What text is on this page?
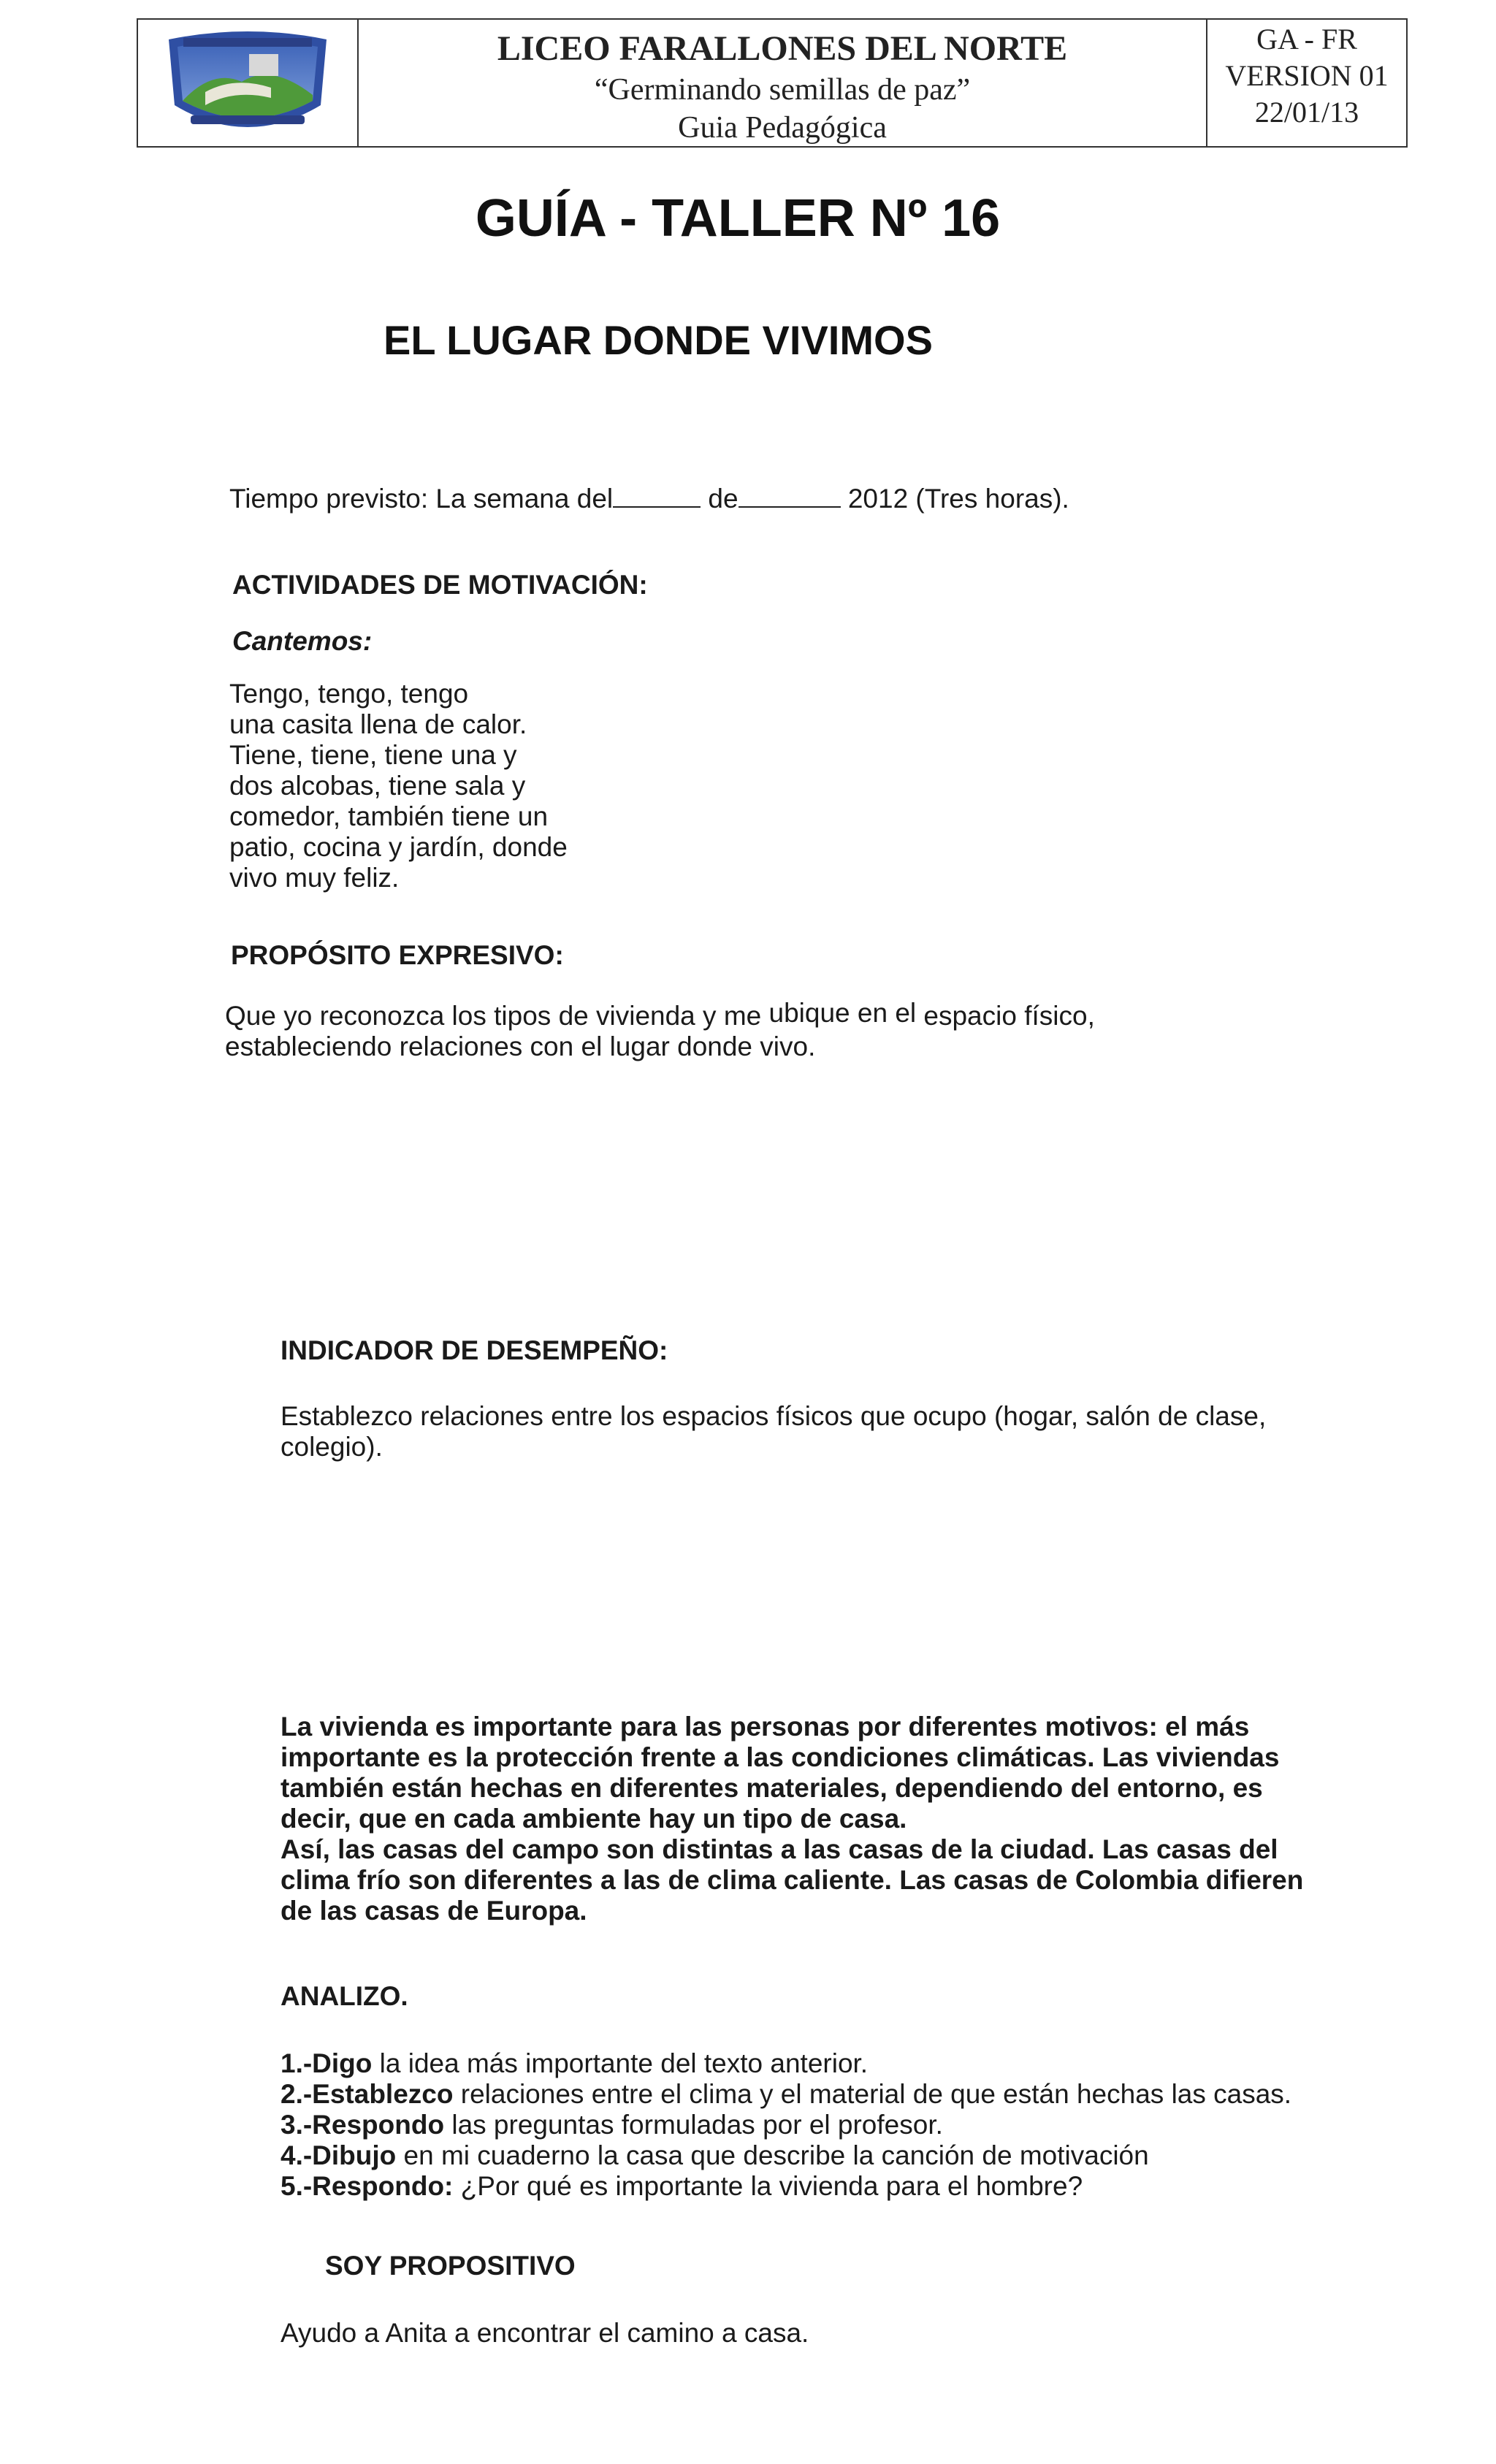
LICEO FARALLONES DEL NORTE
“Germinando semillas de paz”
Guia Pedagógica
GA - FR
VERSION 01
22/01/13
GUÍA - TALLER Nº 16
EL LUGAR DONDE VIVIMOS
Tiempo previsto: La semana del	de	2012 (Tres horas).
ACTIVIDADES DE MOTIVACIÓN:
Cantemos:
Tengo, tengo, tengo
una casita llena de calor.
Tiene, tiene, tiene una y
dos alcobas, tiene sala y
comedor, también tiene un
patio, cocina y jardín, donde
vivo muy feliz.
PROPÓSITO EXPRESIVO:
Que yo reconozca los tipos de vivienda y me ubique en el espacio físico,
estableciendo relaciones con el lugar donde vivo.
INDICADOR DE DESEMPEÑO:
Establezco relaciones entre los espacios físicos que ocupo (hogar, salón de clase,
colegio).
La vivienda es importante para las personas por diferentes motivos: el más
importante es la protección frente a las condiciones climáticas. Las viviendas
también están hechas en diferentes materiales, dependiendo del entorno, es
decir, que en cada ambiente hay un tipo de casa.
Así, las casas del campo son distintas a las casas de la ciudad. Las casas del
clima frío son diferentes a las de clima caliente. Las casas de Colombia difieren
de las casas de Europa.
ANALIZO.
1.-Digo la idea más importante del texto anterior.
2.-Establezco relaciones entre el clima y el material de que están hechas las casas.
3.-Respondo las preguntas formuladas por el profesor.
4.-Dibujo en mi cuaderno la casa que describe la canción de motivación
5.-Respondo: ¿Por qué es importante la vivienda para el hombre?
SOY PROPOSITIVO
Ayudo a Anita a encontrar el camino a casa.
